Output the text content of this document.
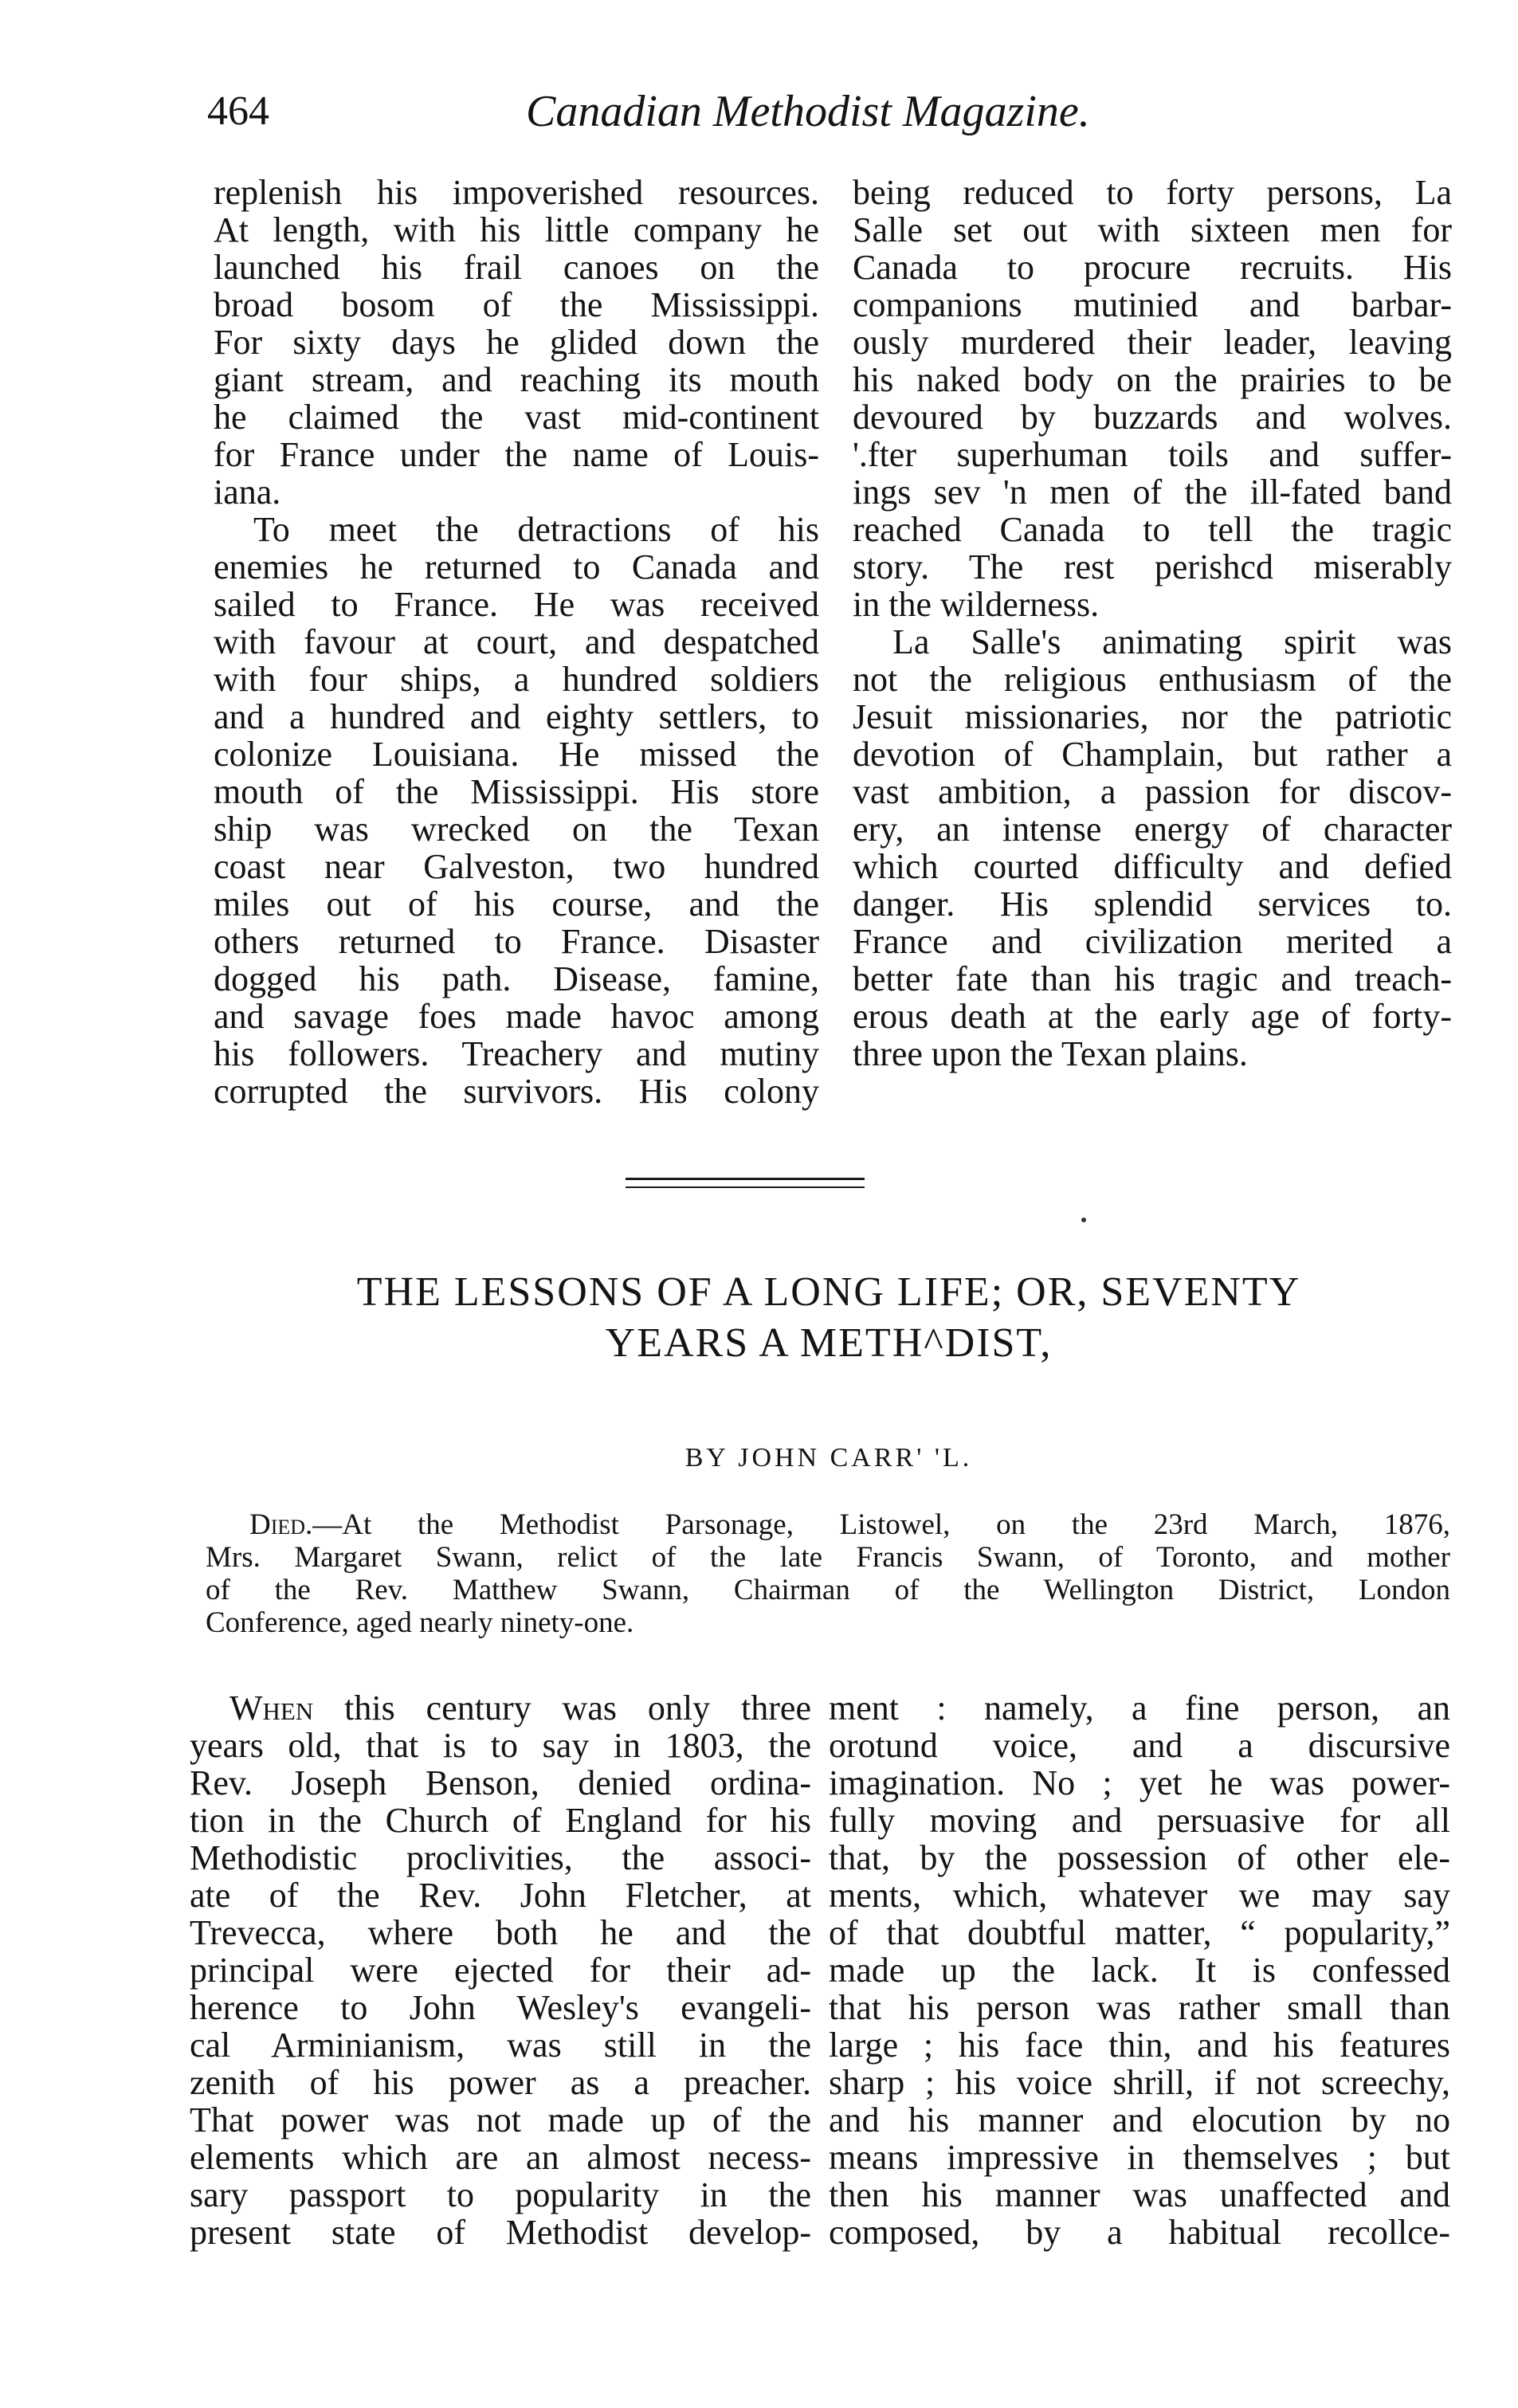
464	Canadian Methodist Magazine.
replenish his impoverished resources.
At length, with his little company he
launched his frail canoes on the
broad bosom of the Mississippi.
For sixty days he glided down the
giant stream, and reaching its mouth
he claimed the vast mid-continent
for France under the name of Louis-
iana.
To meet the detractions of his
enemies he returned to Canada and
sailed to France. He was received
with favour at court, and despatched
with four ships, a hundred soldiers
and a hundred and eighty settlers, to
colonize Louisiana. He missed the
mouth of the Mississippi. His store
ship was wrecked on the Texan
coast near Galveston, two hundred
miles out of his course, and the
others returned to France. Disaster
dogged his path. Disease, famine,
and savage foes made havoc among
his followers. Treachery and mutiny
corrupted the survivors. His colony
being reduced to forty persons, La
Salle set out with sixteen men for
Canada to procure recruits. His
companions mutinied and barbar-
ously murdered their leader, leaving
his naked body on the prairies to be
devoured by buzzards and wolves.
'.fter superhuman toils and suffer-
ings sev 'n men of the ill-fated band
reached Canada to tell the tragic
story. The rest perishcd miserably
in the wilderness.
La Salle's animating spirit was
not the religious enthusiasm of the
Jesuit missionaries, nor the patriotic
devotion of Champlain, but rather a
vast ambition, a passion for discov-
ery, an intense energy of character
which courted difficulty and defied
danger. His splendid services to.
France and civilization merited a
better fate than his tragic and treach-
erous death at the early age of forty-
three upon the Texan plains.
THE LESSONS OF A LONG LIFE; OR, SEVENTY
YEARS A METH^DIST,
BY JOHN CARR' 'L.
Died.—At the Methodist Parsonage, Listowel, on the 23rd March, 1876,
Mrs. Margaret Swann, relict of the late Francis Swann, of Toronto, and mother
of the Rev. Matthew Swann, Chairman of the Wellington District, London
Conference, aged nearly ninety-one.
When this century was only three
years old, that is to say in 1803, the
Rev. Joseph Benson, denied ordina-
tion in the Church of England for his
Methodistic proclivities, the associ-
ate of the Rev. John Fletcher, at
Trevecca, where both he and the
principal were ejected for their ad-
herence to John Wesley's evangeli-
cal Arminianism, was still in the
zenith of his power as a preacher.
That power was not made up of the
elements which are an almost necess-
sary passport to popularity in the
present state of Methodist develop-
ment : namely, a fine person, an
orotund voice, and a discursive
imagination. No ; yet he was power-
fully moving and persuasive for all
that, by the possession of other ele-
ments, which, whatever we may say
of that doubtful matter, “ popularity,”
made up the lack. It is confessed
that his person was rather small than
large ; his face thin, and his features
sharp ; his voice shrill, if not screechy,
and his manner and elocution by no
means impressive in themselves ; but
then his manner was unaffected and
composed, by a habitual recollce-
